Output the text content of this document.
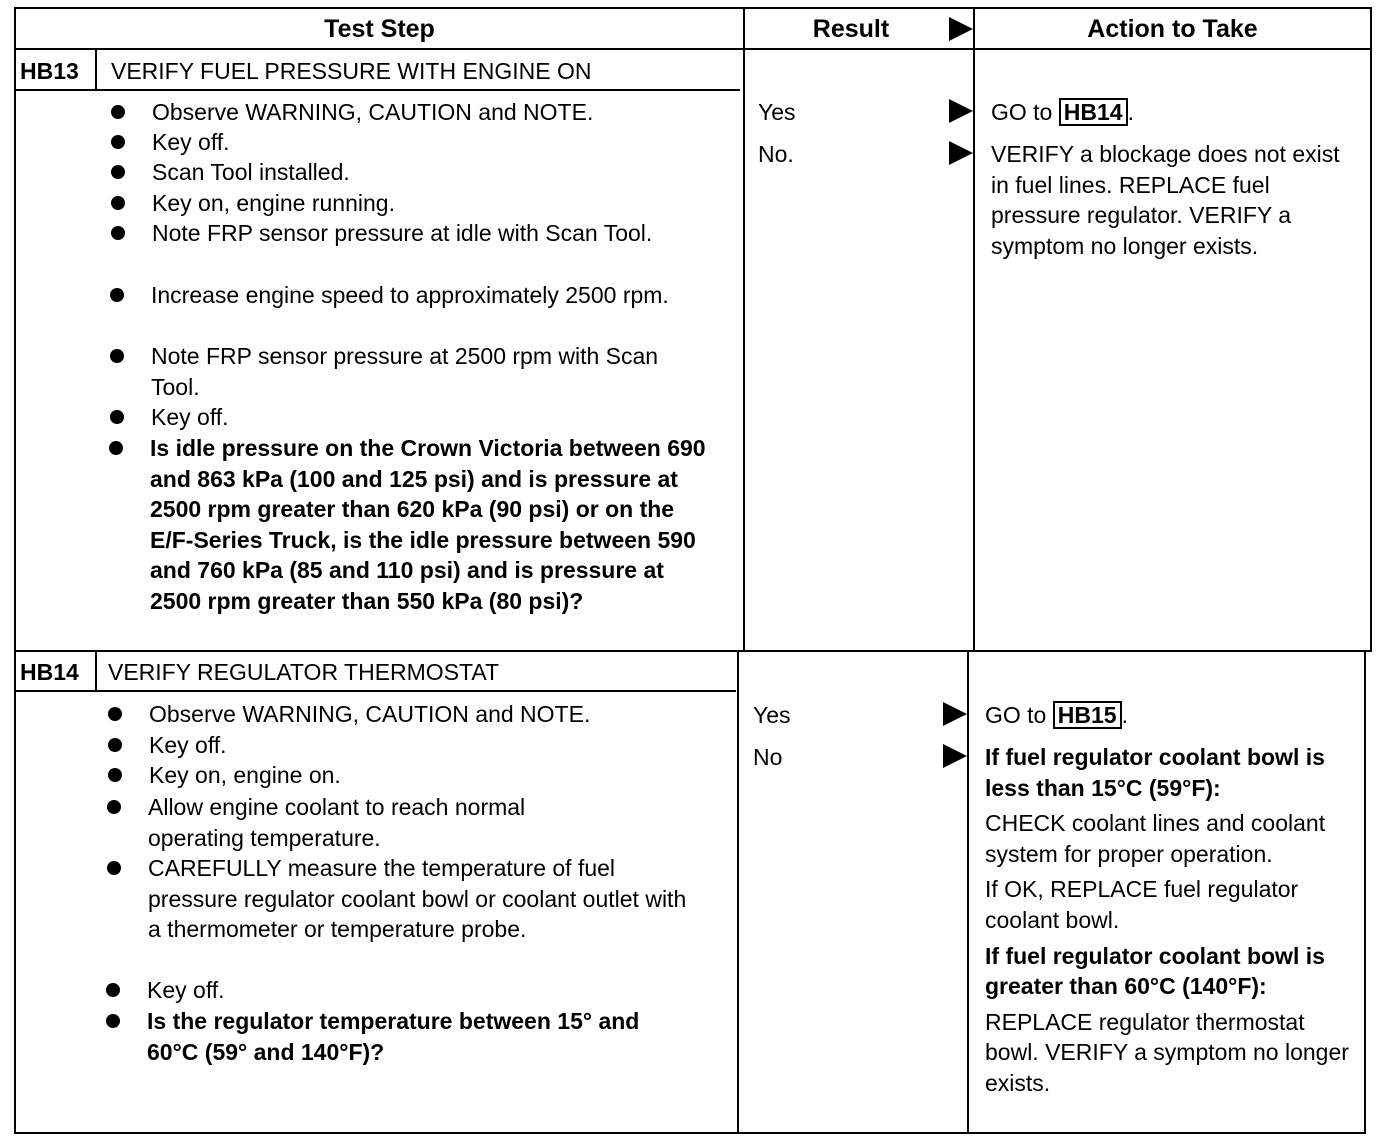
Test Step	Result	Action to Take
HB13 VERIFY FUEL PRESSURE WITH ENGINE ON
Observe WARNING, CAUTION and NOTE.
Key off.
Scan Tool installed.
Key on, engine running.
Note FRP sensor pressure at idle with Scan Tool.
Increase engine speed to approximately 2500 rpm.
Note FRP sensor pressure at 2500 rpm with Scan Tool.
Key off.
Is idle pressure on the Crown Victoria between 690 and 863 kPa (100 and 125 psi) and is pressure at 2500 rpm greater than 620 kPa (90 psi) or on the E/F-Series Truck, is the idle pressure between 590 and 760 kPa (85 and 110 psi) and is pressure at 2500 rpm greater than 550 kPa (80 psi)?
Yes
No.
GO to HB14 .
VERIFY a blockage does not exist in fuel lines. REPLACE fuel pressure regulator. VERIFY a symptom no longer exists.
HB14 VERIFY REGULATOR THERMOSTAT
Observe WARNING, CAUTION and NOTE.
Key off.
Key on, engine on.
Allow engine coolant to reach normal operating temperature.
CAREFULLY measure the temperature of fuel pressure regulator coolant bowl or coolant outlet with a thermometer or temperature probe.
Key off.
Is the regulator temperature between 15° and 60°C (59° and 140°F)?
Yes
No
GO to HB15 .

If fuel regulator coolant bowl is less than 15°C (59°F):

CHECK coolant lines and coolant system for proper operation.

If OK, REPLACE fuel regulator coolant bowl.

If fuel regulator coolant bowl is greater than 60°C (140°F):

REPLACE regulator thermostat bowl. VERIFY a symptom no longer exists.
